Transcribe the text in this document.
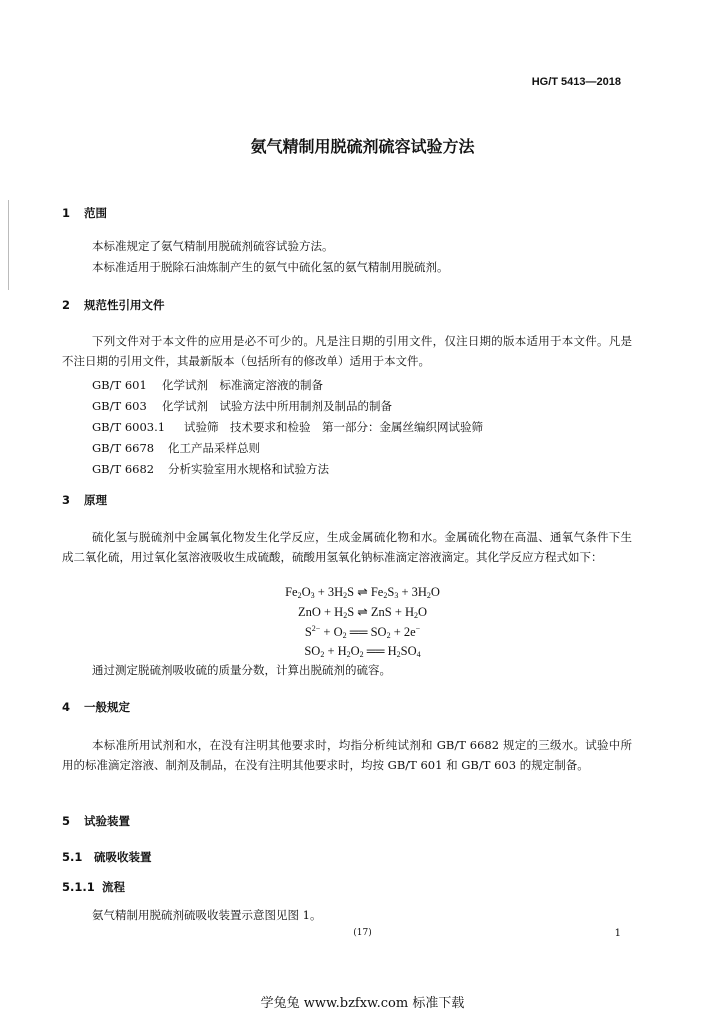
HG/T 5413—2018
氨气精制用脱硫剂硫容试验方法
1 范围
本标准规定了氨气精制用脱硫剂硫容试验方法。
本标准适用于脱除石油炼制产生的氨气中硫化氢的氨气精制用脱硫剂。
2 规范性引用文件
下列文件对于本文件的应用是必不可少的。凡是注日期的引用文件，仅注日期的版本适用于本文件。凡是不注日期的引用文件，其最新版本（包括所有的修改单）适用于本文件。
GB/T 601 化学试剂　标准滴定溶液的制备
GB/T 603 化学试剂　试验方法中所用制剂及制品的制备
GB/T 6003.1 试验筛　技术要求和检验　第一部分：金属丝编织网试验筛
GB/T 6678 化工产品采样总则
GB/T 6682 分析实验室用水规格和试验方法
3 原理
硫化氢与脱硫剂中金属氧化物发生化学反应，生成金属硫化物和水。金属硫化物在高温、通氧气条件下生成二氧化硫，用过氧化氢溶液吸收生成硫酸，硫酸用氢氧化钠标准滴定溶液滴定。其化学反应方程式如下：
$Fe_2O_3 + 3H_2S$ ⇌ $Fe_2S_3 + 3H_2O$
ZnO + $H_2S$ ⇌ ZnS + $H_2O$
$S^{2-} + O_2$ ══ $SO_2 + 2e^-$
$SO_2 + H_2O_2$ ══ $H_2SO_4$
通过测定脱硫剂吸收硫的质量分数，计算出脱硫剂的硫容。
4 一般规定
本标准所用试剂和水，在没有注明其他要求时，均指分析纯试剂和 GB/T 6682 规定的三级水。试验中所用的标准滴定溶液、制剂及制品，在没有注明其他要求时，均按 GB/T 601 和 GB/T 603 的规定制备。
5 试验装置
5.1 硫吸收装置
5.1.1 流程
氨气精制用脱硫剂硫吸收装置示意图见图 1。
(17)	1
学兔兔 www.bzfxw.com 标准下载
